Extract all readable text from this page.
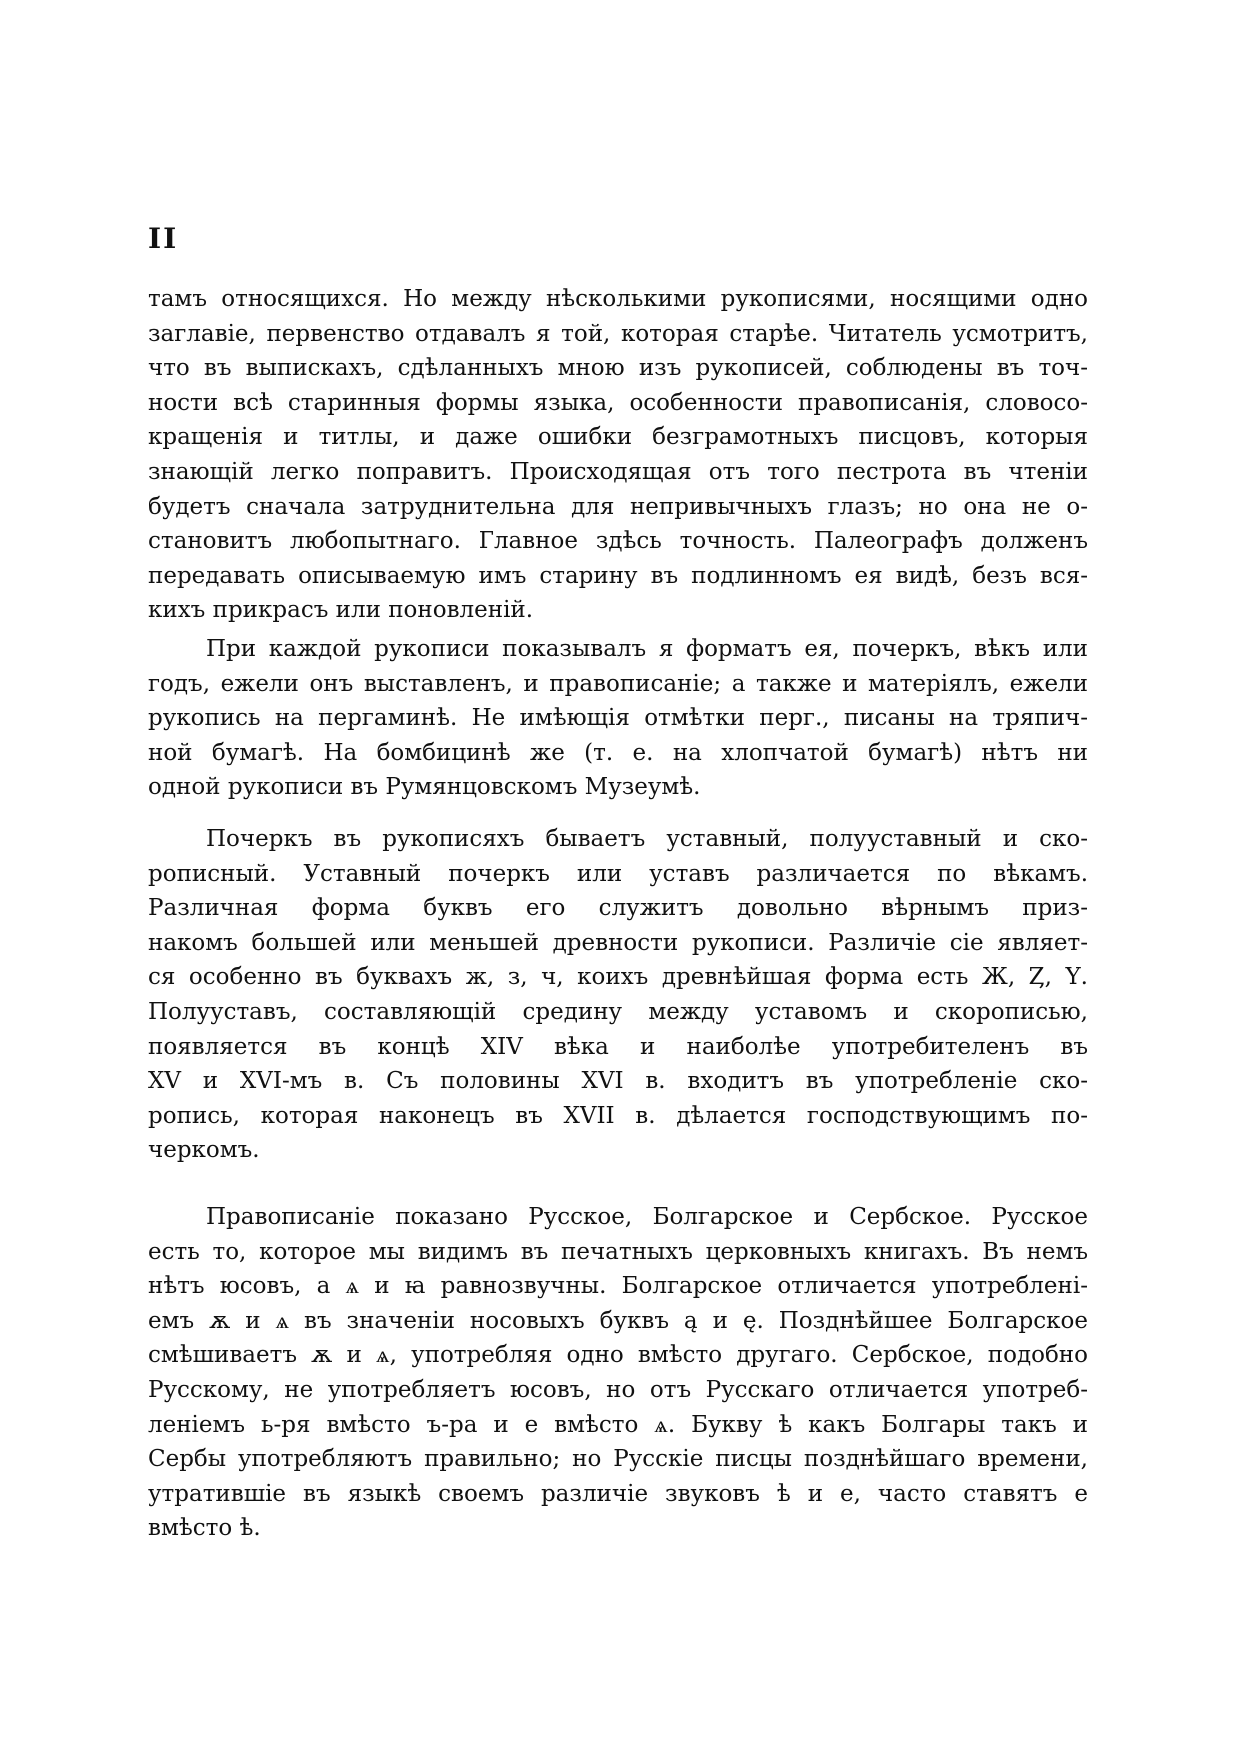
II
тамъ относящихся. Но между нѣсколькими рукописями, носящими одно
заглавіе, первенство отдавалъ я той, которая старѣе. Читатель усмотритъ,
что въ выпискахъ, сдѣланныхъ мною изъ рукописей, соблюдены въ точ-
ности всѣ старинныя формы языка, особенности правописанія, словосо-
кращенія и титлы, и даже ошибки безграмотныхъ писцовъ, которыя
знающій легко поправитъ. Происходящая отъ того пестрота въ чтеніи
будетъ сначала затруднительна для непривычныхъ глазъ; но она не о-
становитъ любопытнаго. Главное здѣсь точность. Палеографъ долженъ
передавать описываемую имъ старину въ подлинномъ ея видѣ, безъ вся-
кихъ прикрасъ или поновленій.
При каждой рукописи показывалъ я форматъ ея, почеркъ, вѣкъ или
годъ, ежели онъ выставленъ, и правописаніе; а также и матеріялъ, ежели
рукопись на пергаминѣ. Не имѣющія отмѣтки перг., писаны на тряпич-
ной бумагѣ. На бомбицинѣ же (т. е. на хлопчатой бумагѣ) нѣтъ ни
одной рукописи въ Румянцовскомъ Музеумѣ.
Почеркъ въ рукописяхъ бываетъ уставный, полууставный и ско-
рописный. Уставный почеркъ или уставъ различается по вѣкамъ.
Различная форма буквъ его служитъ довольно вѣрнымъ приз-
накомъ большей или меньшей древности рукописи. Различіе сіе являет-
ся особенно въ буквахъ ж, з, ч, коихъ древнѣйшая форма есть Ж, Ȥ, Ү.
Полууставъ, составляющій средину между уставомъ и скорописью,
появляется въ концѣ XIV вѣка и наиболѣе употребителенъ въ
XV и XVI-мъ в. Съ половины XVI в. входитъ въ употребленіе ско-
ропись, которая наконецъ въ XVII в. дѣлается господствующимъ по-
черкомъ.
Правописаніе показано Русское, Болгарское и Сербское. Русское
есть то, которое мы видимъ въ печатныхъ церковныхъ книгахъ. Въ немъ
нѣтъ юсовъ, а ѧ и ꙗ равнозвучны. Болгарское отличается употребленi-
емъ ѫ и ѧ въ значеніи носовыхъ буквъ ą и ę. Позднѣйшее Болгарское
смѣшиваетъ ѫ и ѧ, употребляя одно вмѣсто другаго. Сербское, подобно
Русскому, не употребляетъ юсовъ, но отъ Русскаго отличается употреб-
леніемъ ь-ря вмѣсто ъ-ра и е вмѣсто ѧ. Букву ѣ какъ Болгары такъ и
Сербы употребляютъ правильно; но Русскіе писцы позднѣйшаго времени,
утратившіе въ языкѣ своемъ различіе звуковъ ѣ и е, часто ставятъ е
вмѣсто ѣ.
